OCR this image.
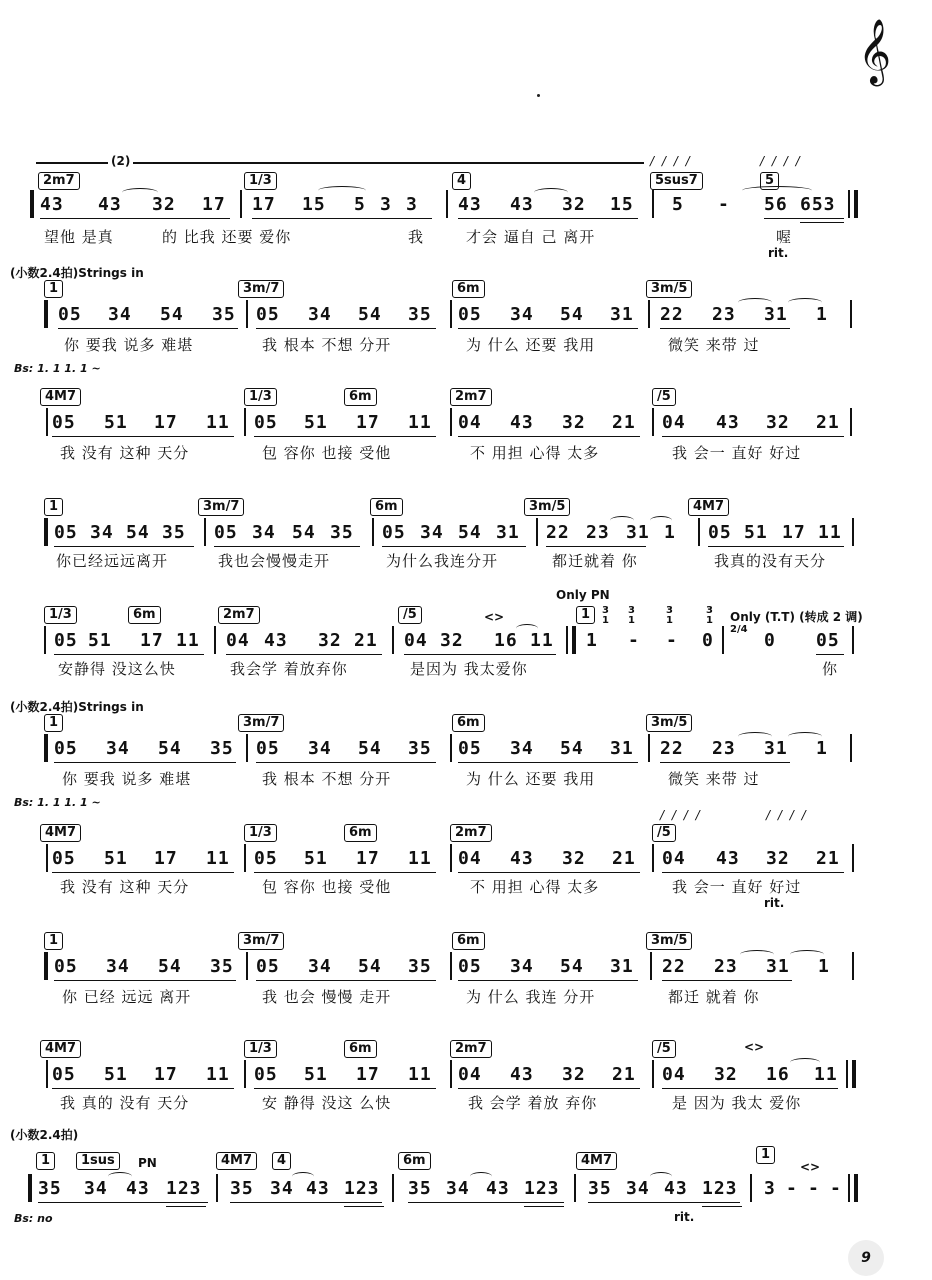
𝄞
(2)	/ / / /	/ / / /
2m7	1/3	4	5sus7	5
43 43 32 17 17 15 5 3 3 43 43 32 15 5 - 56 653
望他 是真	的 比我 还要 爱你	我	才会 逼自 己 离开	喔
rit.
(小数2.4拍)Strings in
1	3m/7	6m	3m/5
05 34 54 35 05 34 54 35 05 34 54 31 22 23 31 1
你 要我 说多 难堪	我 根本 不想 分开	为 什么 还要 我用	微笑 来带 过
Bs: 1. 1 1. 1 ~
4M7	1/3	6m	2m7	/5
05 51 17 11 05 51 17 11 04 43 32 21 04 43 32 21
我 没有 这种 天分	包 容你 也接 受他	不 用担 心得 太多	我 会一 直好 好过
1	3m/7	6m	3m/5	4M7
05 34 54 35 05 34 54 35 05 34 54 31 22 23 31 1 05 51 17 11
你已经远远离开	我也会慢慢走开	为什么我连分开	都迁就着 你	我真的没有天分
Only PN
1/3	6m	2m7	/5	1
<>	Only (T.T) (转成 2 调)
2/4
05 51 17 11 04 43 32 21 04 32 16 11
3
1
3
1
3
1
3
1
1 - - 0	0 05
安静得 没这么快	我会学 着放弃你	是因为 我太爱你	你
(小数2.4拍)Strings in
1	3m/7	6m	3m/5
05 34 54 35 05 34 54 35 05 34 54 31 22 23 31 1
你 要我 说多 难堪	我 根本 不想 分开	为 什么 还要 我用	微笑 来带 过
Bs: 1. 1 1. 1 ~
/ / / /	/ / / /
4M7	1/3	6m	2m7	/5
05 51 17 11 05 51 17 11 04 43 32 21 04 43 32 21
我 没有 这种 天分	包 容你 也接 受他	不 用担 心得 太多	我 会一 直好 好过
rit.
1	3m/7	6m	3m/5
05 34 54 35 05 34 54 35 05 34 54 31 22 23 31 1
你 已经 远远 离开	我 也会 慢慢 走开	为 什么 我连 分开	都迁 就着 你
<>
4M7	1/3	6m	2m7	/5
05 51 17 11 05 51 17 11 04 43 32 21 04 32 16 11
我 真的 没有 天分	安 静得 没这 么快	我 会学 着放 弃你	是 因为 我太 爱你
(小数2.4拍)
1	1sus	PN	4M7	4	6m	4M7	1
<>
35 34 43 123 35 34 43 123 35 34 43 123 35 34 43 123 3 - - -
Bs: no	rit.
9
